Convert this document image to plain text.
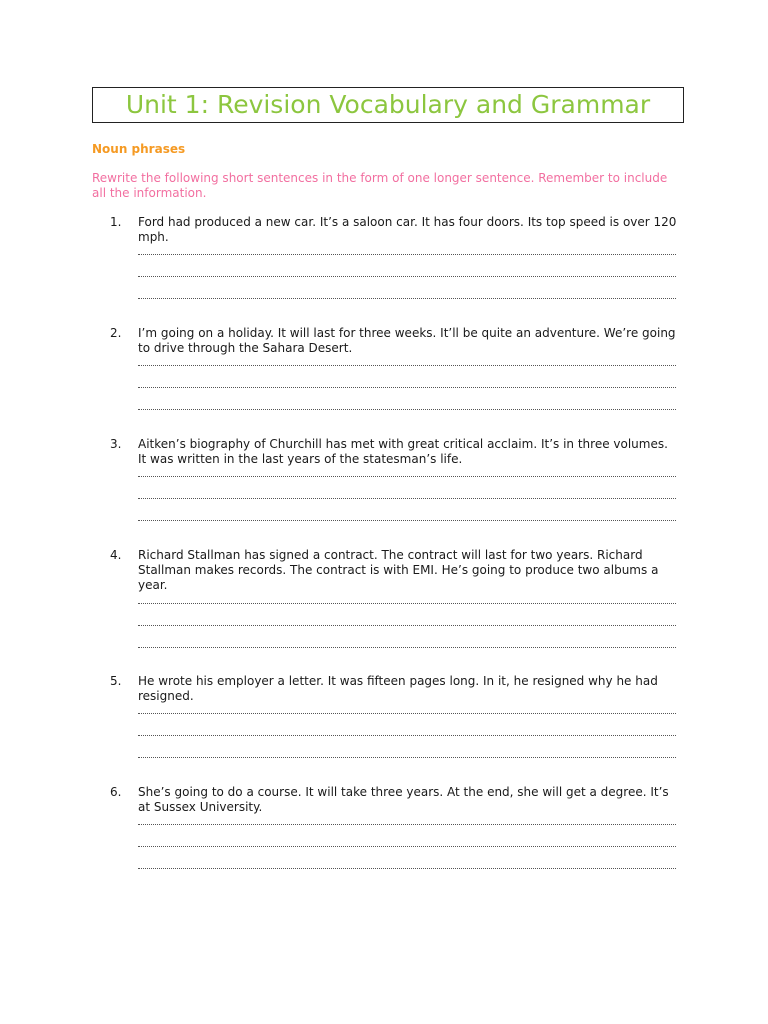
Unit 1: Revision Vocabulary and Grammar
Noun phrases
Rewrite the following short sentences in the form of one longer sentence. Remember to include all the information.
1.	Ford had produced a new car. It’s a saloon car. It has four doors. Its top speed is over 120 mph.
2.	I’m going on a holiday. It will last for three weeks. It’ll be quite an adventure. We’re going to drive through the Sahara Desert.
3.	Aitken’s biography of Churchill has met with great critical acclaim. It’s in three volumes. It was written in the last years of the statesman’s life.
4.	Richard Stallman has signed a contract. The contract will last for two years. Richard Stallman makes records. The contract is with EMI. He’s going to produce two albums a year.
5.	He wrote his employer a letter. It was fifteen pages long. In it, he resigned why he had resigned.
6.	She’s going to do a course. It will take three years. At the end, she will get a degree. It’s at Sussex University.
